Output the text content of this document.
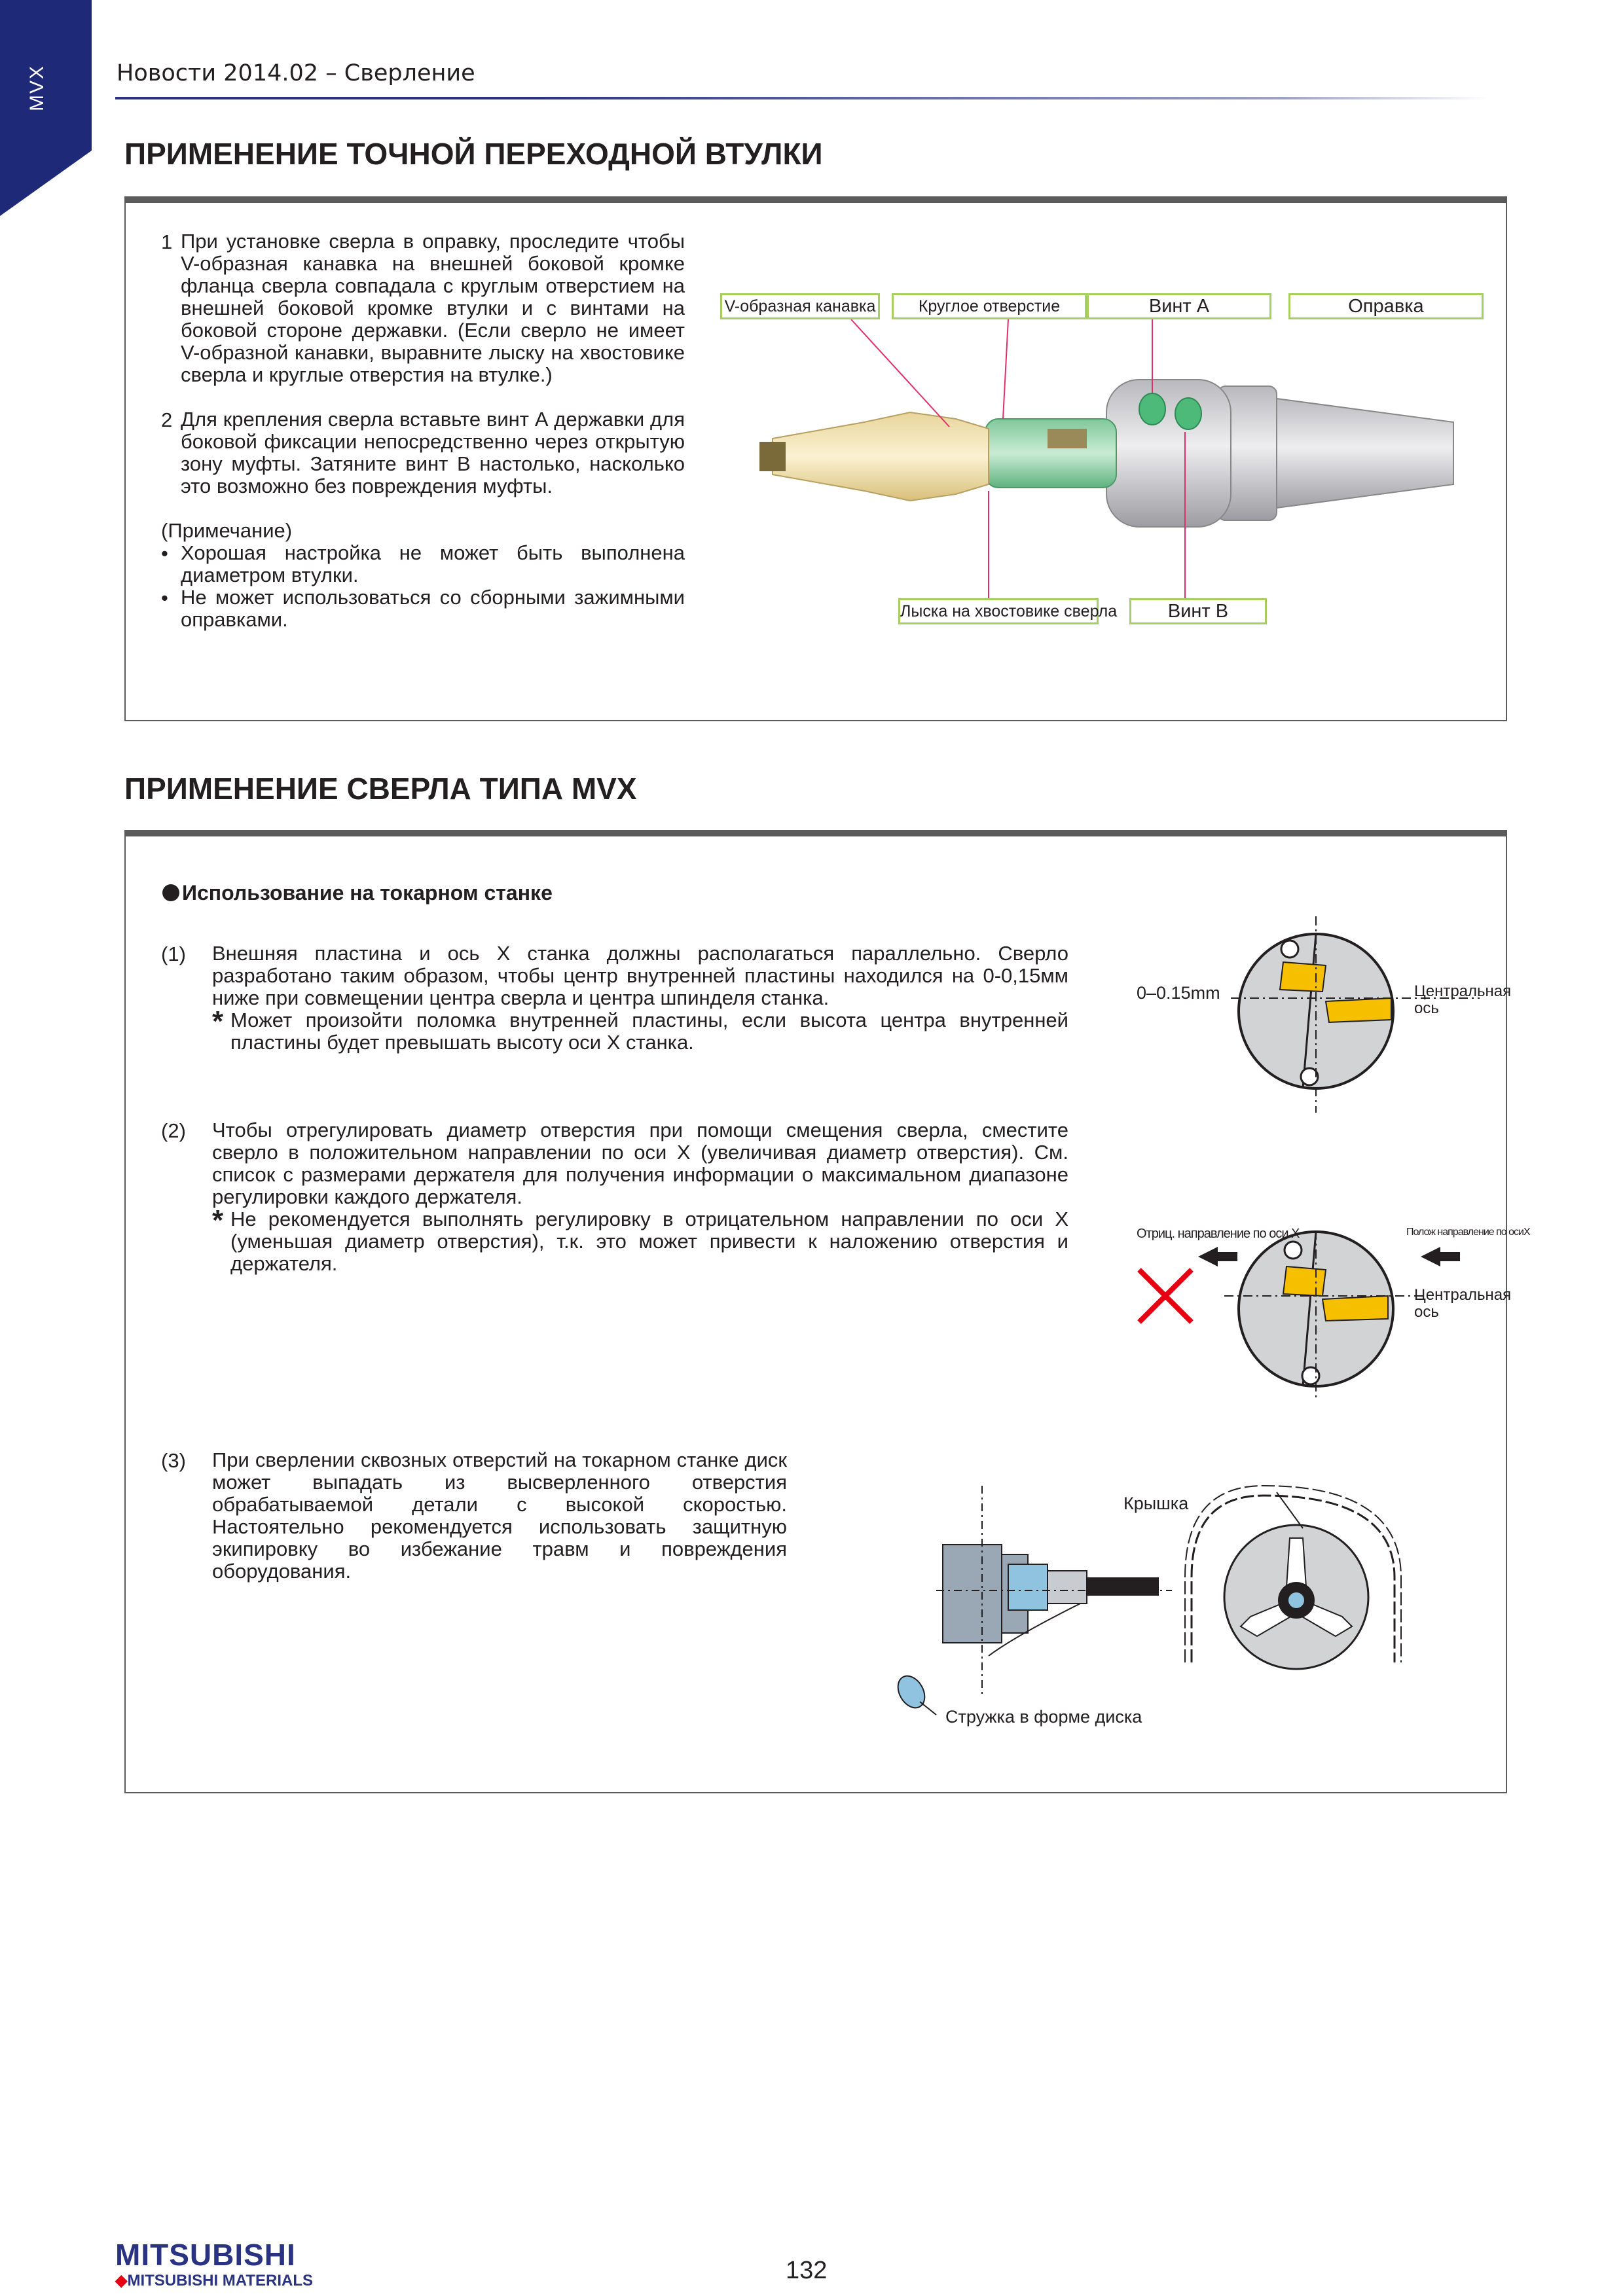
MVX	Новости 2014.02 – Сверление
ПРИМЕНЕНИЕ ТОЧНОЙ ПЕРЕХОДНОЙ ВТУЛКИ
1 При установке сверла в оправку, проследите чтобы V-образная канавка на внешней боковой кромке фланца сверла совпадала с круглым отверстием на внешней боковой кромке втулки и с винтами на боковой стороне державки. (Если сверло не имеет V-образной канавки, выравните лыску на хвостовике сверла и круглые отверстия на втулке.)
2 Для крепления сверла вставьте винт А державки для боковой фиксации непосредственно через открытую зону муфты. Затяните винт В настолько, насколько это возможно без повреждения муфты.
(Примечание)
• Хорошая настройка не может быть выполнена диаметром втулки.
• Не может использоваться со сборными зажимными оправками.
V-образная канавка	Круглое отверстие	Винт А	Оправка
Лыска на хвостовике сверла	Винт В
ПРИМЕНЕНИЕ СВЕРЛА ТИПА MVX
Использование на токарном станке
(1) Внешняя пластина и ось X станка должны располагаться параллельно. Сверло разработано таким образом, чтобы центр внутренней пластины находился на 0-0,15мм ниже при совмещении центра сверла и центра шпинделя станка.
* Может произойти поломка внутренней пластины, если высота центра внутренней пластины будет превышать высоту оси X станка.
(2) Чтобы отрегулировать диаметр отверстия при помощи смещения сверла, сместите сверло в положительном направлении по оси X (увеличивая диаметр отверстия). См. список с размерами держателя для получения информации о максимальном диапазоне регулировки каждого держателя.
* Не рекомендуется выполнять регулировку в отрицательном направлении по оси X (уменьшая диаметр отверстия), т.к. это может привести к наложению отверстия и держателя.
(3) При сверлении сквозных отверстий на токарном станке диск может выпадать из высверленного отверстия обрабатываемой детали с высокой скоростью. Настоятельно рекомендуется использовать защитную экипировку во избежание травм и повреждения оборудования.
0–0.15mm	Центральная ось
Отриц. направление по оси X	Полож направление по осиX
Центральная ось
Крышка
Стружка в форме диска
MITSUBISHI
◆MITSUBISHI MATERIALS	132
